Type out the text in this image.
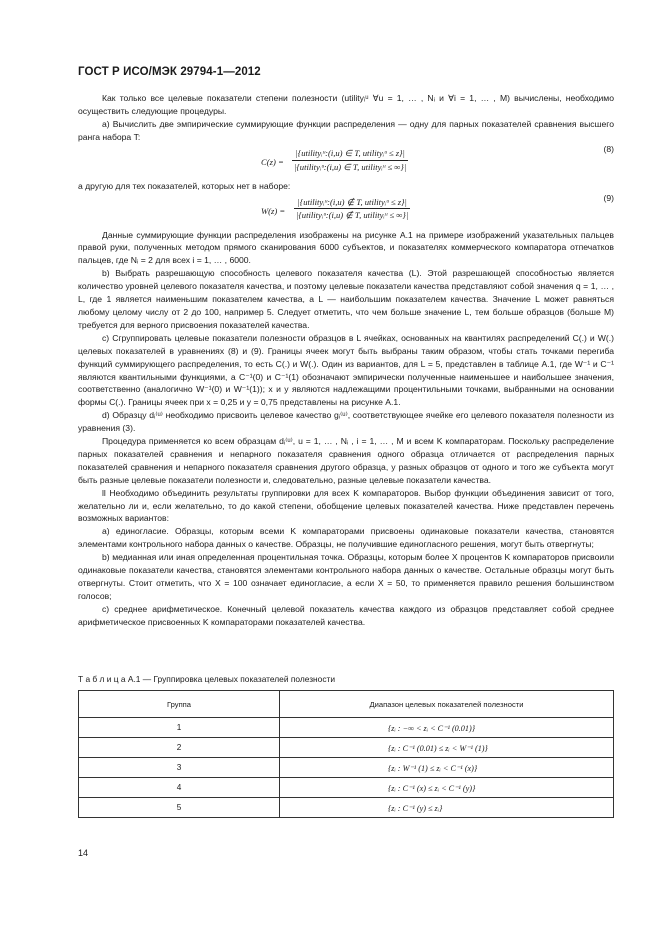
ГОСТ Р ИСО/МЭК 29794-1—2012

Как только все целевые показатели степени полезности (utilityᵢᵘ ∀u = 1, … , Nᵢ и ∀i = 1, … , M) вычислены, необходимо осуществить следующие процедуры.

а) Вычислить две эмпирические суммирующие функции распределения — одну для парных показателей сравнения высшего ранга набора T:

C(z) =
|{utilityᵢᵘ:(i,u) ∈ T, utilityᵢᵘ ≤ z}|
|{utilityᵢᵘ:(i,u) ∈ T, utilityᵢᵘ ≤ ∞}|
(8)

а другую для тех показателей, которых нет в наборе:

W(z) =
|{utilityᵢᵘ:(i,u) ∉ T, utilityᵢᵘ ≤ z}|
|{utilityᵢᵘ:(i,u) ∉ T, utilityᵢᵘ ≤ ∞}|
(9)

Данные суммирующие функции распределения изображены на рисунке А.1 на примере изображений указательных пальцев правой руки, полученных методом прямого сканирования 6000 субъектов, и показателях коммерческого компаратора отпечатков пальцев, где Nᵢ = 2 для всех i = 1, … , 6000.

b) Выбрать разрешающую способность целевого показателя качества (L). Этой разрешающей способностью является количество уровней целевого показателя качества, и поэтому целевые показатели качества представляют собой значения q = 1, … , L, где 1 является наименьшим показателем качества, а L — наибольшим показателем качества. Значение L может равняться любому целому числу от 2 до 100, например 5. Следует отметить, что чем больше значение L, тем больше образцов (больше M) требуется для верного присвоения показателей качества.

c) Сгруппировать целевые показатели полезности образцов в L ячейках, основанных на квантилях распределений C(.) и W(.) целевых показателей в уравнениях (8) и (9). Границы ячеек могут быть выбраны таким образом, чтобы стать точками перегиба функций суммирующего распределения, то есть C(.) и W(.). Один из вариантов, для L = 5, представлен в таблице А.1, где W⁻¹ и C⁻¹ являются квантильными функциями, а C⁻¹(0) и C⁻¹(1) обозначают эмпирически полученные наименьшее и наибольшее значения, соответственно (аналогично W⁻¹(0) и W⁻¹(1)); x и y являются надлежащими процентильными точками, выбранными на основании формы C(.). Границы ячеек при x = 0,25 и y = 0,75 представлены на рисунке А.1.

d) Образцу dᵢ⁽ᵘ⁾ необходимо присвоить целевое качество gᵢ⁽ᵘ⁾, соответствующее ячейке его целевого показателя полезности из уравнения (3).

Процедура применяется ко всем образцам dᵢ⁽ᵘ⁾, u = 1, … , Nᵢ , i = 1, … , M и всем K компараторам. Поскольку распределение парных показателей сравнения и непарного показателя сравнения одного образца отличается от распределения парных показателей сравнения и непарного показателя сравнения другого образца, у разных образцов от одного и того же субъекта могут быть разные целевые показатели полезности и, следовательно, разные целевые показатели качества.

ll Необходимо объединить результаты группировки для всех K компараторов. Выбор функции объединения зависит от того, желательно ли и, если желательно, то до какой степени, обобщение целевых показателей качества. Ниже представлен перечень возможных вариантов:

а) единогласие. Образцы, которым всеми K компараторами присвоены одинаковые показатели качества, становятся элементами контрольного набора данных о качестве. Образцы, не получившие единогласного решения, могут быть отвергнуты;

b) медианная или иная определенная процентильная точка. Образцы, которым более X процентов K компараторов присвоили одинаковые показатели качества, становятся элементами контрольного набора данных о качестве. Остальные образцы могут быть отвергнуты. Стоит отметить, что X = 100 означает единогласие, а если X = 50, то применяется правило решения большинством голосов;

c) среднее арифметическое. Конечный целевой показатель качества каждого из образцов представляет собой среднее арифметическое присвоенных K компараторами показателей качества.

Т а б л и ц а А.1 — Группировка целевых показателей полезности
Группа	Диапазон целевых показателей полезности
1	{zᵢ : −∞ < zᵢ < C⁻¹ (0.01)}
2	{zᵢ : C⁻¹ (0.01) ≤ zᵢ < W⁻¹ (1)}
3	{zᵢ : W⁻¹ (1) ≤ zᵢ < C⁻¹ (x)}
4	{zᵢ : C⁻¹ (x) ≤ zᵢ < C⁻¹ (y)}
5	{zᵢ : C⁻¹ (y) ≤ zᵢ}
14
